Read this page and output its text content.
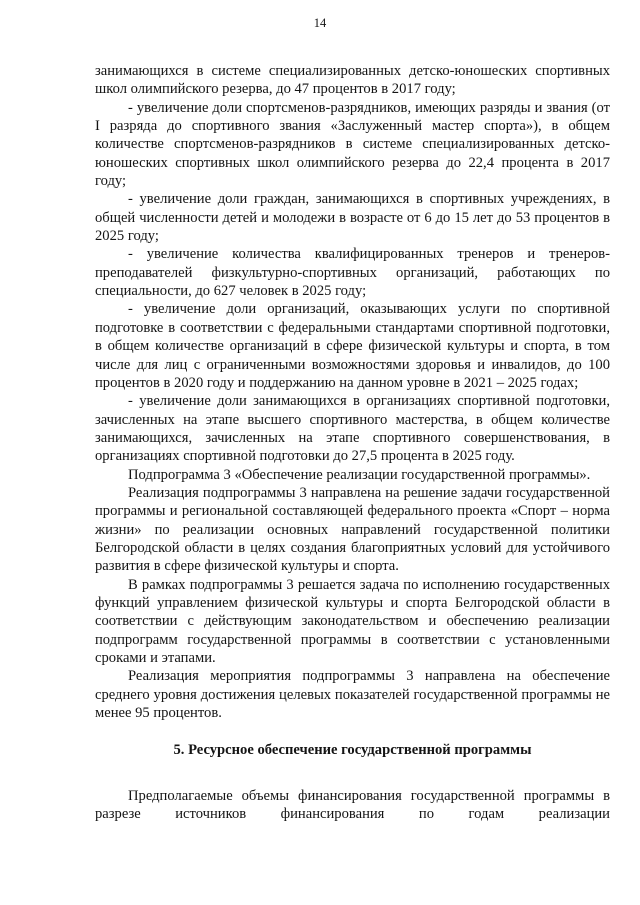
14

занимающихся в системе специализированных детско-юношеских спортивных школ олимпийского резерва, до 47 процентов в 2017 году;

- увеличение доли спортсменов-разрядников, имеющих разряды и звания (от I разряда до спортивного звания «Заслуженный мастер спорта»), в общем количестве спортсменов-разрядников в системе специализированных детско-юношеских спортивных школ олимпийского резерва до 22,4 процента в 2017 году;

- увеличение доли граждан, занимающихся в спортивных учреждениях, в общей численности детей и молодежи в возрасте от 6 до 15 лет до 53 процентов в 2025 году;

- увеличение количества квалифицированных тренеров и тренеров-преподавателей физкультурно-спортивных организаций, работающих по специальности, до 627 человек в 2025 году;

- увеличение доли организаций, оказывающих услуги по спортивной подготовке в соответствии с федеральными стандартами спортивной подготовки, в общем количестве организаций в сфере физической культуры и спорта, в том числе для лиц с ограниченными возможностями здоровья и инвалидов, до 100 процентов в 2020 году и поддержанию на данном уровне в 2021 – 2025 годах;

- увеличение доли занимающихся в организациях спортивной подготовки, зачисленных на этапе высшего спортивного мастерства, в общем количестве занимающихся, зачисленных на этапе спортивного совершенствования, в организациях спортивной подготовки до 27,5 процента в 2025 году.

Подпрограмма 3 «Обеспечение реализации государственной программы».

Реализация подпрограммы 3 направлена на решение задачи государственной программы и региональной составляющей федерального проекта «Спорт – норма жизни» по реализации основных направлений государственной политики Белгородской области в целях создания благоприятных условий для устойчивого развития в сфере физической культуры и спорта.

В рамках подпрограммы 3 решается задача по исполнению государственных функций управлением физической культуры и спорта Белгородской области в соответствии с действующим законодательством и обеспечению реализации подпрограмм государственной программы в соответствии с установленными сроками и этапами.

Реализация мероприятия подпрограммы 3 направлена на обеспечение среднего уровня достижения целевых показателей государственной программы не менее 95 процентов.

5. Ресурсное обеспечение государственной программы

Предполагаемые объемы финансирования государственной программы в разрезе источников финансирования по годам реализации
